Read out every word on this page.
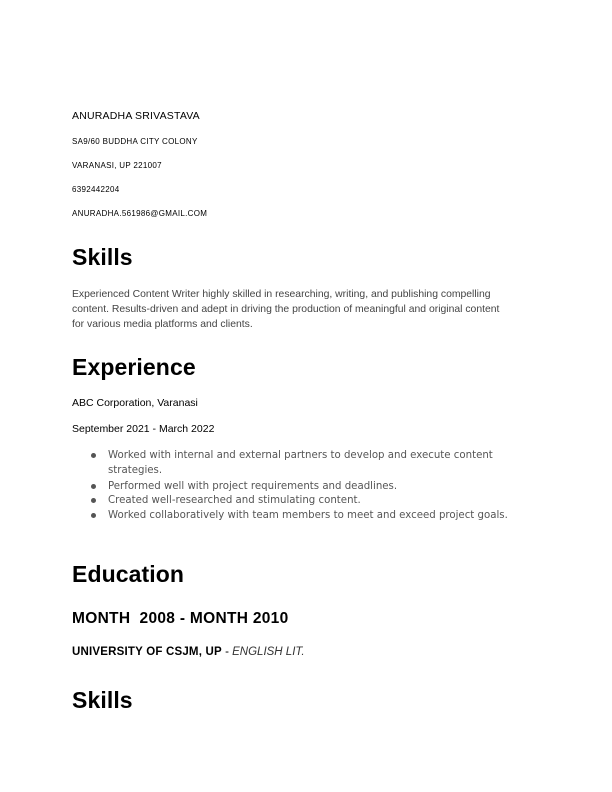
ANURADHA SRIVASTAVA
SA9/60 BUDDHA CITY COLONY
VARANASI, UP 221007
6392442204
ANURADHA.561986@GMAIL.COM
Skills
Experienced Content Writer highly skilled in researching, writing, and publishing compelling
content. Results-driven and adept in driving the production of meaningful and original content
for various media platforms and clients.
Experience
ABC Corporation, Varanasi
September 2021 - March 2022
Worked with internal and external partners to develop and execute content strategies.
Performed well with project requirements and deadlines.
Created well-researched and stimulating content.
Worked collaboratively with team members to meet and exceed project goals.
Education
MONTH  2008 - MONTH 2010
UNIVERSITY OF CSJM, UP - ENGLISH LIT.
Skills
